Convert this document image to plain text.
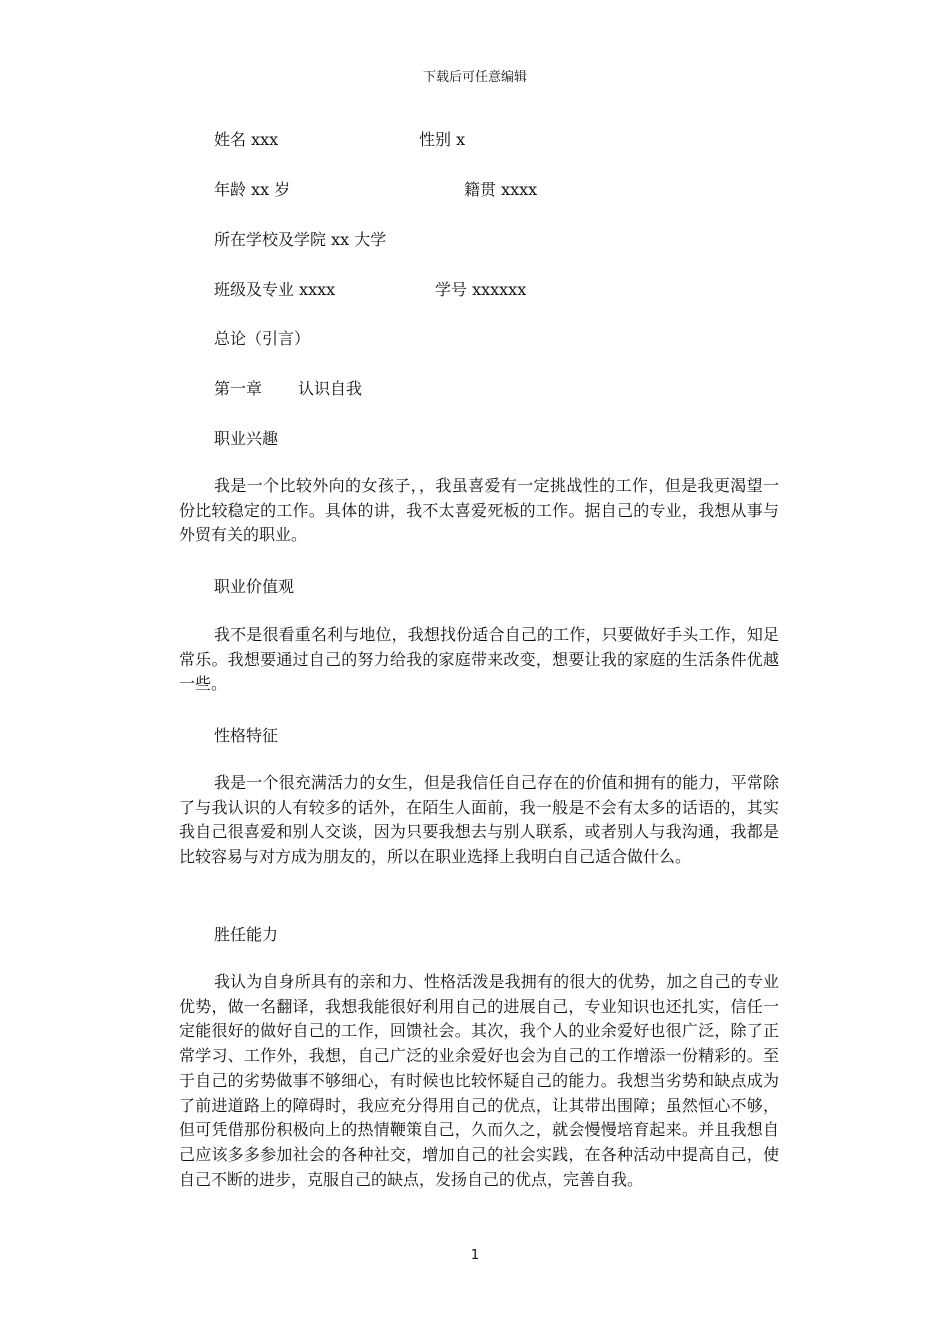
下载后可任意编辑
姓名 xxx	性别 x
年龄 xx 岁	籍贯 xxxx
所在学校及学院 xx 大学
班级及专业 xxxx	学号 xxxxxx
总论（引言）
第一章 认识自我
职业兴趣
我是一个比较外向的女孩子，，我虽喜爱有一定挑战性的工作，但是我更渴望一份比较稳定的工作。具体的讲，我不太喜爱死板的工作。据自己的专业，我想从事与外贸有关的职业。
职业价值观
我不是很看重名利与地位，我想找份适合自己的工作，只要做好手头工作，知足常乐。我想要通过自己的努力给我的家庭带来改变，想要让我的家庭的生活条件优越一些。
性格特征
我是一个很充满活力的女生，但是我信任自己存在的价值和拥有的能力，平常除了与我认识的人有较多的话外，在陌生人面前，我一般是不会有太多的话语的，其实我自己很喜爱和别人交谈，因为只要我想去与别人联系，或者别人与我沟通，我都是比较容易与对方成为朋友的，所以在职业选择上我明白自己适合做什么。
胜任能力
我认为自身所具有的亲和力、性格活泼是我拥有的很大的优势，加之自己的专业优势，做一名翻译，我想我能很好利用自己的进展自己，专业知识也还扎实，信任一定能很好的做好自己的工作，回馈社会。其次，我个人的业余爱好也很广泛，除了正常学习、工作外，我想，自己广泛的业余爱好也会为自己的工作增添一份精彩的。至于自己的劣势做事不够细心，有时候也比较怀疑自己的能力。我想当劣势和缺点成为了前进道路上的障碍时，我应充分得用自己的优点，让其带出围障；虽然恒心不够，但可凭借那份积极向上的热情鞭策自己，久而久之，就会慢慢培育起来。并且我想自己应该多多参加社会的各种社交，增加自己的社会实践，在各种活动中提高自己，使自己不断的进步，克服自己的缺点，发扬自己的优点，完善自我。
1
